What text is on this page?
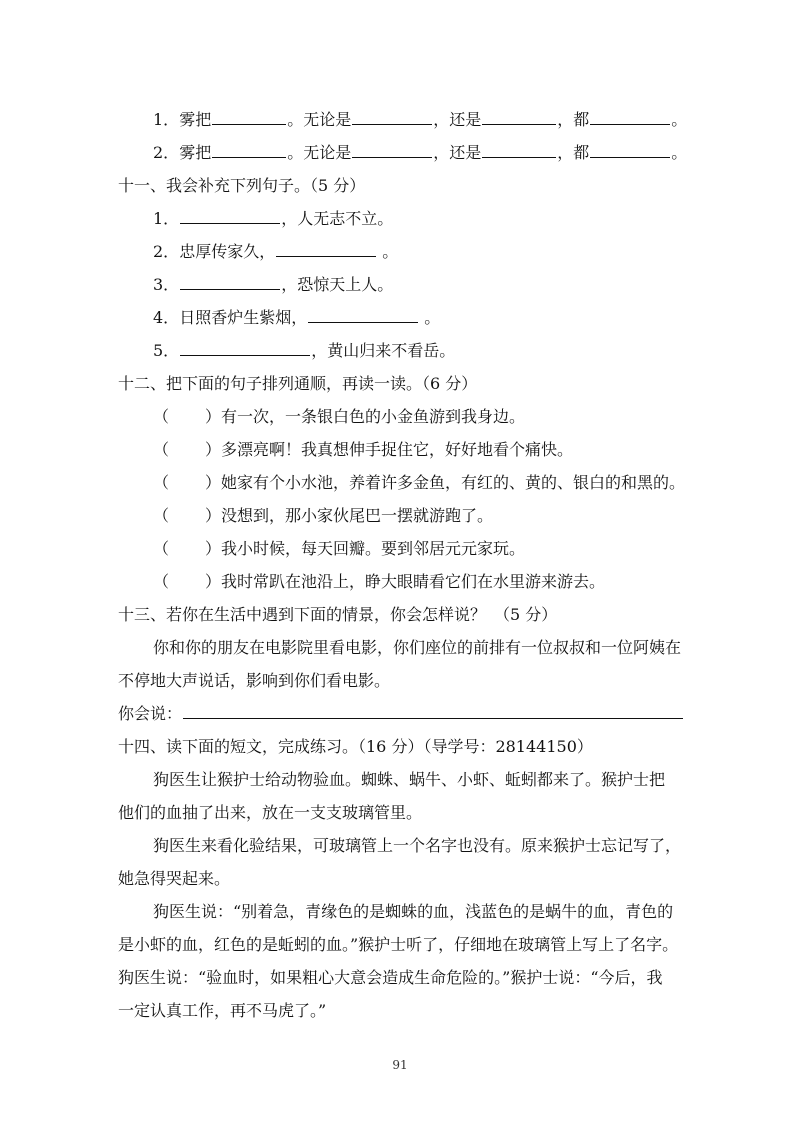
1．雾把	。无论是	，还是	，都	。
2．雾把	。无论是	，还是	，都	。
十一、我会补充下列句子。（5 分）
1．	，人无志不立。
2．忠厚传家久，	。
3．	，恐惊天上人。
4．日照香炉生紫烟，	。
5．	，黄山归来不看岳。
十二、把下面的句子排列通顺，再读一读。（6 分）
（ ）有一次，一条银白色的小金鱼游到我身边。
（ ）多漂亮啊！我真想伸手捉住它，好好地看个痛快。
（ ）她家有个小水池，养着许多金鱼，有红的、黄的、银白的和黑的。
（ ）没想到，那小家伙尾巴一摆就游跑了。
（ ）我小时候，每天回瓣。要到邻居元元家玩。
（ ）我时常趴在池沿上，睁大眼睛看它们在水里游来游去。
十三、若你在生活中遇到下面的情景，你会怎样说？　（5 分）
你和你的朋友在电影院里看电影，你们座位的前排有一位叔叔和一位阿姨在
不停地大声说话，影响到你们看电影。
你会说：
十四、读下面的短文，完成练习。（16 分）（导学号：28144150）
狗医生让猴护士给动物验血。蜘蛛、蜗牛、小虾、蚯蚓都来了。猴护士把
他们的血抽了出来，放在一支支玻璃管里。
狗医生来看化验结果，可玻璃管上一个名字也没有。原来猴护士忘记写了，
她急得哭起来。
狗医生说：“别着急，青缘色的是蜘蛛的血，浅蓝色的是蜗牛的血，青色的
是小虾的血，红色的是蚯蚓的血。”猴护士听了，仔细地在玻璃管上写上了名字。
狗医生说：“验血时，如果粗心大意会造成生命危险的。”猴护士说：“今后，我
一定认真工作，再不马虎了。”
91
